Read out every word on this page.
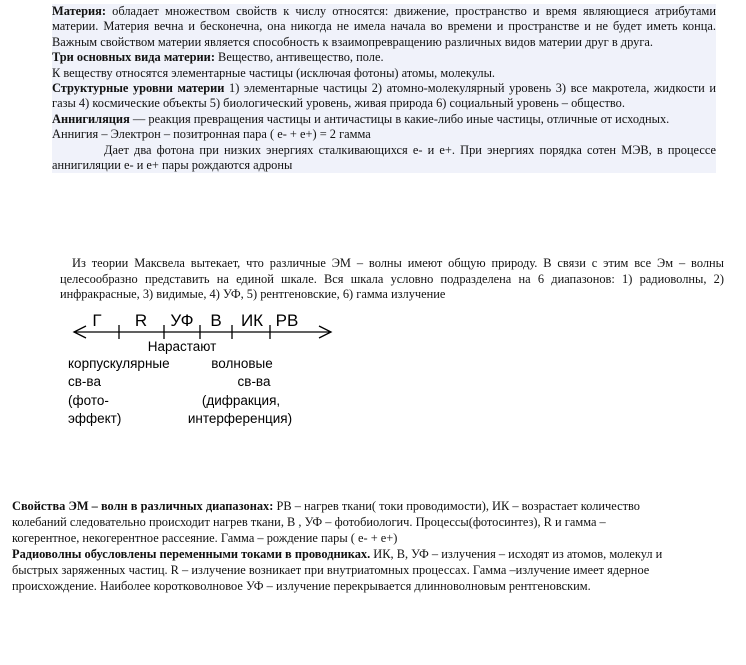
Материя: обладает множеством свойств к числу относятся: движение, пространство и время являющиеся атрибутами материи. Материя вечна и бесконечна, она никогда не имела начала во времени и пространстве и не будет иметь конца. Важным свойством материи является способность к взаимопревращению различных видов материи друг в друга.

Три основных вида материи: Вещество, антивещество, поле.

К веществу относятся элементарные частицы (исключая фотоны) атомы, молекулы.

Структурные уровни материи 1) элементарные частицы 2) атомно-молекулярный уровень 3) все макротела, жидкости и газы 4) космические объекты 5) биологический уровень, живая природа 6) социальный уровень – общество.

Аннигиляция — реакция превращения частицы и античастицы в какие-либо иные частицы, отличные от исходных.

Аннигия – Электрон – позитронная пара ( е- + е+) = 2 гамма

Дает два фотона при низких энергиях сталкивающихся е- и е+. При энергиях порядка сотен МЭВ, в процессе аннигиляции е- и е+ пары рождаются адроны

Из теории Максвела вытекает, что различные ЭМ – волны имеют общую природу. В связи с этим все Эм – волны целесообразно представить на единой шкале. Вся шкала условно подразделена на 6 диапазонов: 1) радиоволны, 2) инфракрасные, 3) видимые, 4) УФ, 5) рентгеновские, 6) гамма излучение

Г R УФ В ИК РВ
Нарастают
корпускулярные
св-ва
(фото-
эффект)
волновые
св-ва
(дифракция,
интерференция)

Свойства ЭМ – волн в различных диапазонах: РВ – нагрев ткани( токи проводимости), ИК – возрастает количество колебаний следовательно происходит нагрев ткани, В , УФ – фотобиологич. Процессы(фотосинтез), R и гамма – когерентное, некогерентное рассеяние. Гамма – рождение пары ( е- + е+)

Радиоволны обусловлены переменными токами в проводниках. ИК, В, УФ – излучения – исходят из атомов, молекул и быстрых заряженных частиц. R – излучение возникает при внутриатомных процессах. Гамма –излучение имеет ядерное происхождение. Наиболее коротковолновое УФ – излучение перекрывается длинноволновым рентгеновским.
